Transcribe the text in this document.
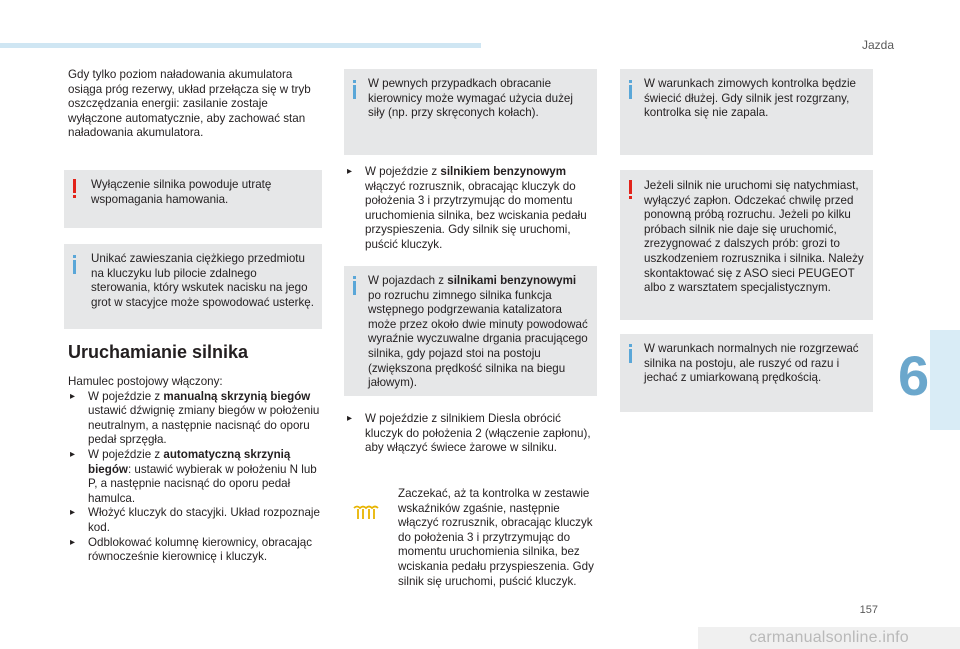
Jazda
6
157
carmanualsonline.info

Gdy tylko poziom naładowania akumulatora osiąga próg rezerwy, układ przełącza się w tryb oszczędzania energii: zasilanie zostaje wyłączone automatycznie, aby zachować stan naładowania akumulatora.

Wyłączenie silnika powoduje utratę wspomagania hamowania.
Unikać zawieszania ciężkiego przedmiotu na kluczyku lub pilocie zdalnego sterowania, który wskutek nacisku na jego grot w stacyjce może spowodować usterkę.
Uruchamianie silnika

Hamulec postojowy włączony:

▸ W pojeździe z manualną skrzynią biegów ustawić dźwignię zmiany biegów w położeniu neutralnym, a następnie nacisnąć do oporu pedał sprzęgła.
▸ W pojeździe z automatyczną skrzynią biegów: ustawić wybierak w położeniu N lub P, a następnie nacisnąć do oporu pedał hamulca.
▸ Włożyć kluczyk do stacyjki. Układ rozpoznaje kod.
▸ Odblokować kolumnę kierownicy, obracając równocześnie kierownicę i kluczyk.
W pewnych przypadkach obracanie kierownicy może wymagać użycia dużej siły (np. przy skręconych kołach).
▸ W pojeździe z silnikiem benzynowym włączyć rozrusznik, obracając kluczyk do położenia 3 i przytrzymując do momentu uruchomienia silnika, bez wciskania pedału przyspieszenia. Gdy silnik się uruchomi, puścić kluczyk.
W pojazdach z silnikami benzynowymi po rozruchu zimnego silnika funkcja wstępnego podgrzewania katalizatora może przez około dwie minuty powodować wyraźnie wyczuwalne drgania pracującego silnika, gdy pojazd stoi na postoju (zwiększona prędkość silnika na biegu jałowym).
▸ W pojeździe z silnikiem Diesla obrócić kluczyk do położenia 2 (włączenie zapłonu), aby włączyć świece żarowe w silniku.
Zaczekać, aż ta kontrolka w zestawie wskaźników zgaśnie, następnie włączyć rozrusznik, obracając kluczyk do położenia 3 i przytrzymując do momentu uruchomienia silnika, bez wciskania pedału przyspieszenia. Gdy silnik się uruchomi, puścić kluczyk.
W warunkach zimowych kontrolka będzie świecić dłużej. Gdy silnik jest rozgrzany, kontrolka się nie zapala.
Jeżeli silnik nie uruchomi się natychmiast, wyłączyć zapłon. Odczekać chwilę przed ponowną próbą rozruchu. Jeżeli po kilku próbach silnik nie daje się uruchomić, zrezygnować z dalszych prób: grozi to uszkodzeniem rozrusznika i silnika. Należy skontaktować się z ASO sieci PEUGEOT albo z warsztatem specjalistycznym.
W warunkach normalnych nie rozgrzewać silnika na postoju, ale ruszyć od razu i jechać z umiarkowaną prędkością.
